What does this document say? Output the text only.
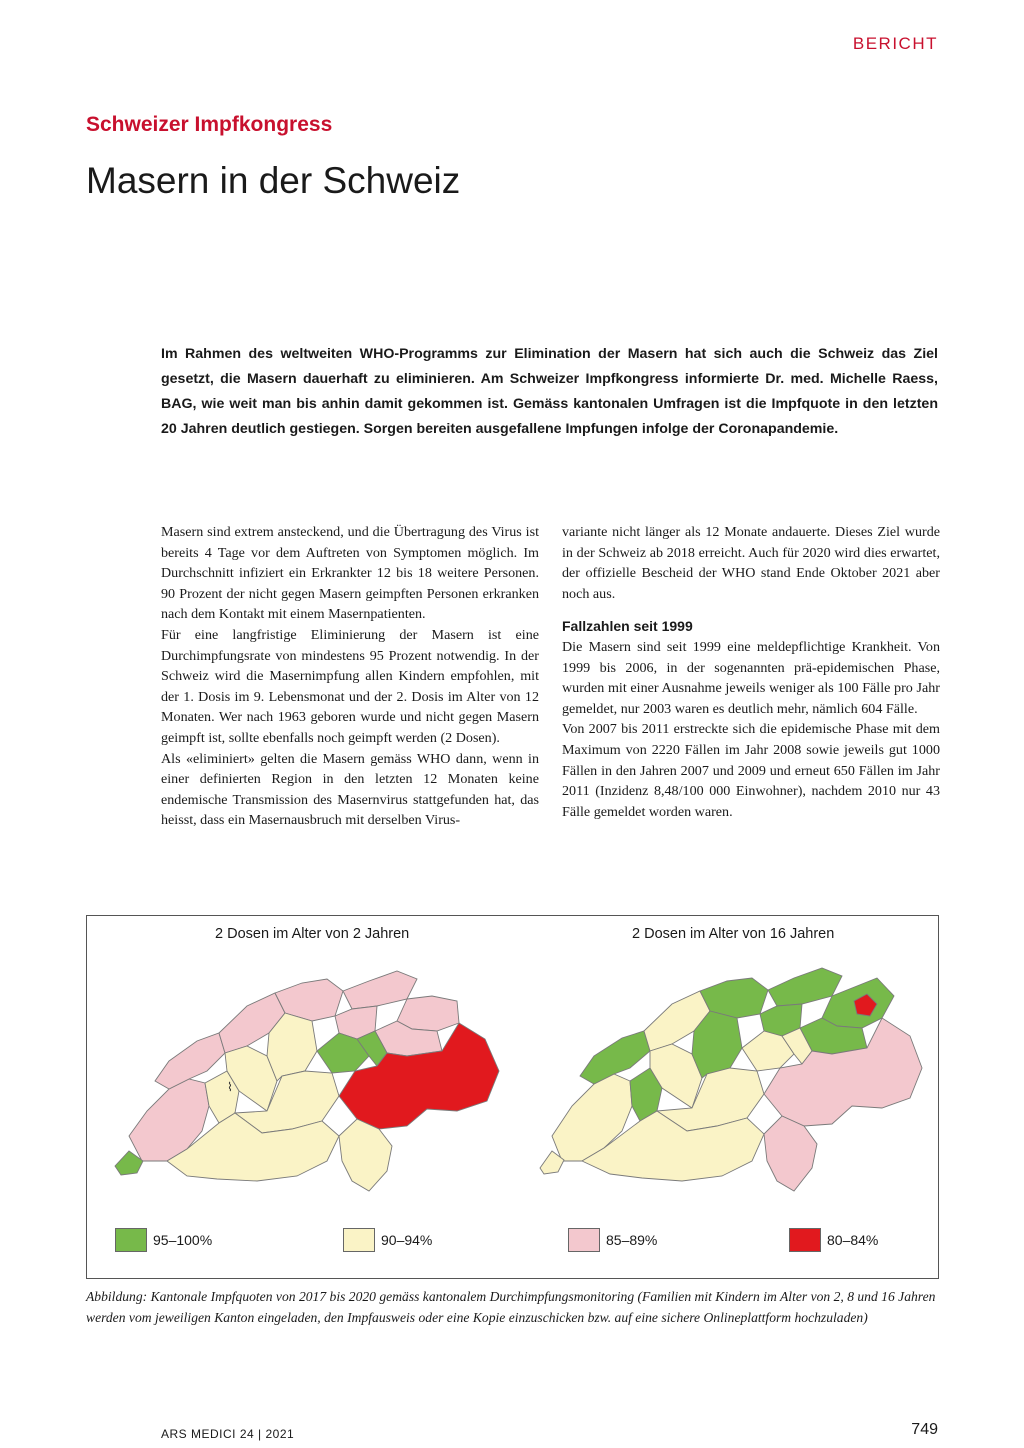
BERICHT
Schweizer Impfkongress
Masern in der Schweiz

Im Rahmen des weltweiten WHO-Programms zur Elimination der Masern hat sich auch die Schweiz das Ziel gesetzt, die Masern dauerhaft zu eliminieren. Am Schweizer Impfkongress informierte Dr. med. Michelle Raess, BAG, wie weit man bis anhin damit gekommen ist. Gemäss kantonalen Umfragen ist die Impfquote in den letzten 20 Jahren deutlich gestiegen. Sorgen bereiten ausgefallene Impfungen infolge der Coronapandemie.

Masern sind extrem ansteckend, und die Übertragung des Virus ist bereits 4 Tage vor dem Auftreten von Symptomen möglich. Im Durchschnitt infiziert ein Erkrankter 12 bis 18 weitere Personen. 90 Prozent der nicht gegen Masern geimpften Personen erkranken nach dem Kontakt mit einem Masernpatienten.

Für eine langfristige Eliminierung der Masern ist eine Durchimpfungsrate von mindestens 95 Prozent notwendig. In der Schweiz wird die Masernimpfung allen Kindern empfohlen, mit der 1. Dosis im 9. Lebensmonat und der 2. Dosis im Alter von 12 Monaten. Wer nach 1963 geboren wurde und nicht gegen Masern geimpft ist, sollte ebenfalls noch geimpft werden (2 Dosen).

Als «eliminiert» gelten die Masern gemäss WHO dann, wenn in einer definierten Region in den letzten 12 Monaten keine endemische Transmission des Masernvirus stattgefunden hat, das heisst, dass ein Masernausbruch mit derselben Virus-

variante nicht länger als 12 Monate andauerte. Dieses Ziel wurde in der Schweiz ab 2018 erreicht. Auch für 2020 wird dies erwartet, der offizielle Bescheid der WHO stand Ende Oktober 2021 aber noch aus.

Fallzahlen seit 1999

Die Masern sind seit 1999 eine meldepflichtige Krankheit. Von 1999 bis 2006, in der sogenannten prä-epidemischen Phase, wurden mit einer Ausnahme jeweils weniger als 100 Fälle pro Jahr gemeldet, nur 2003 waren es deutlich mehr, nämlich 604 Fälle.

Von 2007 bis 2011 erstreckte sich die epidemische Phase mit dem Maximum von 2220 Fällen im Jahr 2008 sowie jeweils gut 1000 Fällen in den Jahren 2007 und 2009 und erneut 650 Fällen im Jahr 2011 (Inzidenz 8,48/100 000 Einwohner), nachdem 2010 nur 43 Fälle gemeldet worden waren.

2 Dosen im Alter von 2 Jahren	2 Dosen im Alter von 16 Jahren
⌇
95–100%	90–94%	85–89%	80–84%

Abbildung: Kantonale Impfquoten von 2017 bis 2020 gemäss kantonalem Durchimpfungsmonitoring (Familien mit Kindern im Alter von 2, 8 und 16 Jahren werden vom jeweiligen Kanton eingeladen, den Impfausweis oder eine Kopie einzuschicken bzw. auf eine sichere Onlineplattform hochzuladen)

ARS MEDICI 24 | 2021	749
